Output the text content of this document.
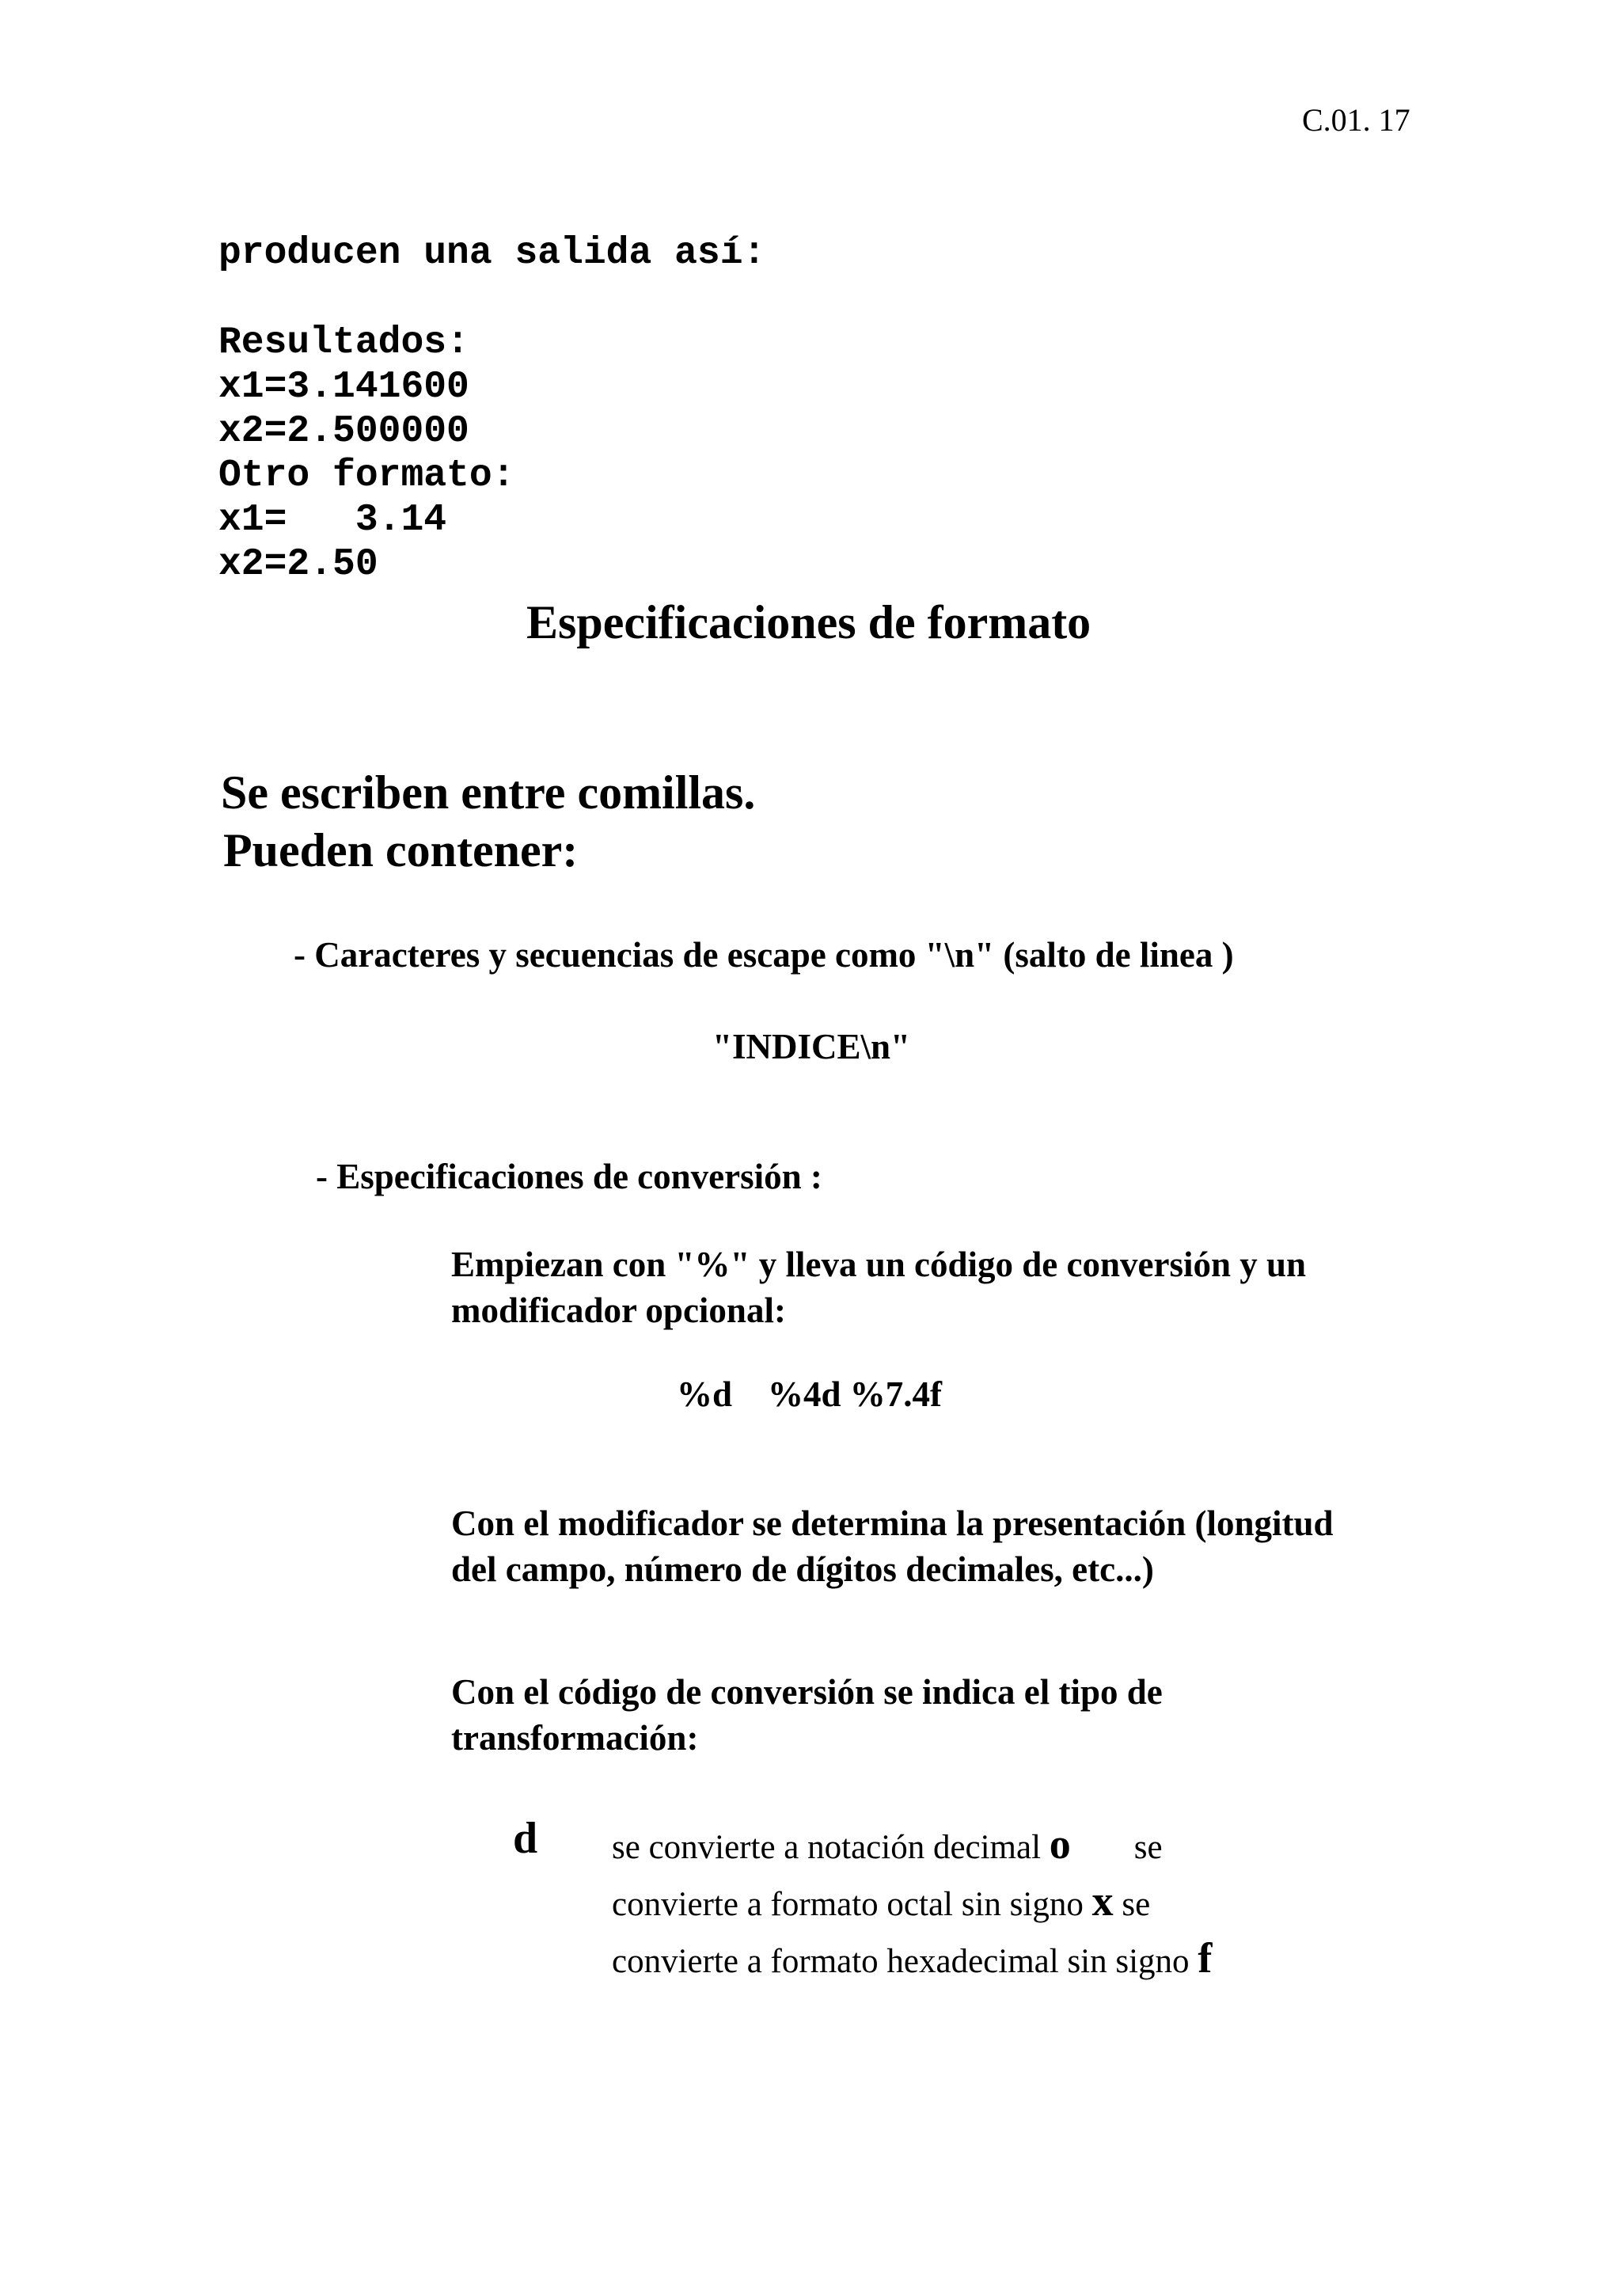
C.01. 17
producen una salida así:
Resultados:
x1=3.141600
x2=2.500000
Otro formato:
x1=   3.14
x2=2.50
Especificaciones de formato
Se escriben entre comillas.
Pueden contener:
- Caracteres y secuencias de escape como "\n" (salto de linea )
"INDICE\n"
- Especificaciones de conversión :
Empiezan con "%" y lleva un código de conversión y un
modificador opcional:
%d    %4d %7.4f
Con el modificador se determina la presentación (longitud
del campo, número de dígitos decimales, etc...)
Con el código de conversión se indica el tipo de
transformación:
d se convierte a notación decimal o se
convierte a formato octal sin signo x se
convierte a formato hexadecimal sin signo f
